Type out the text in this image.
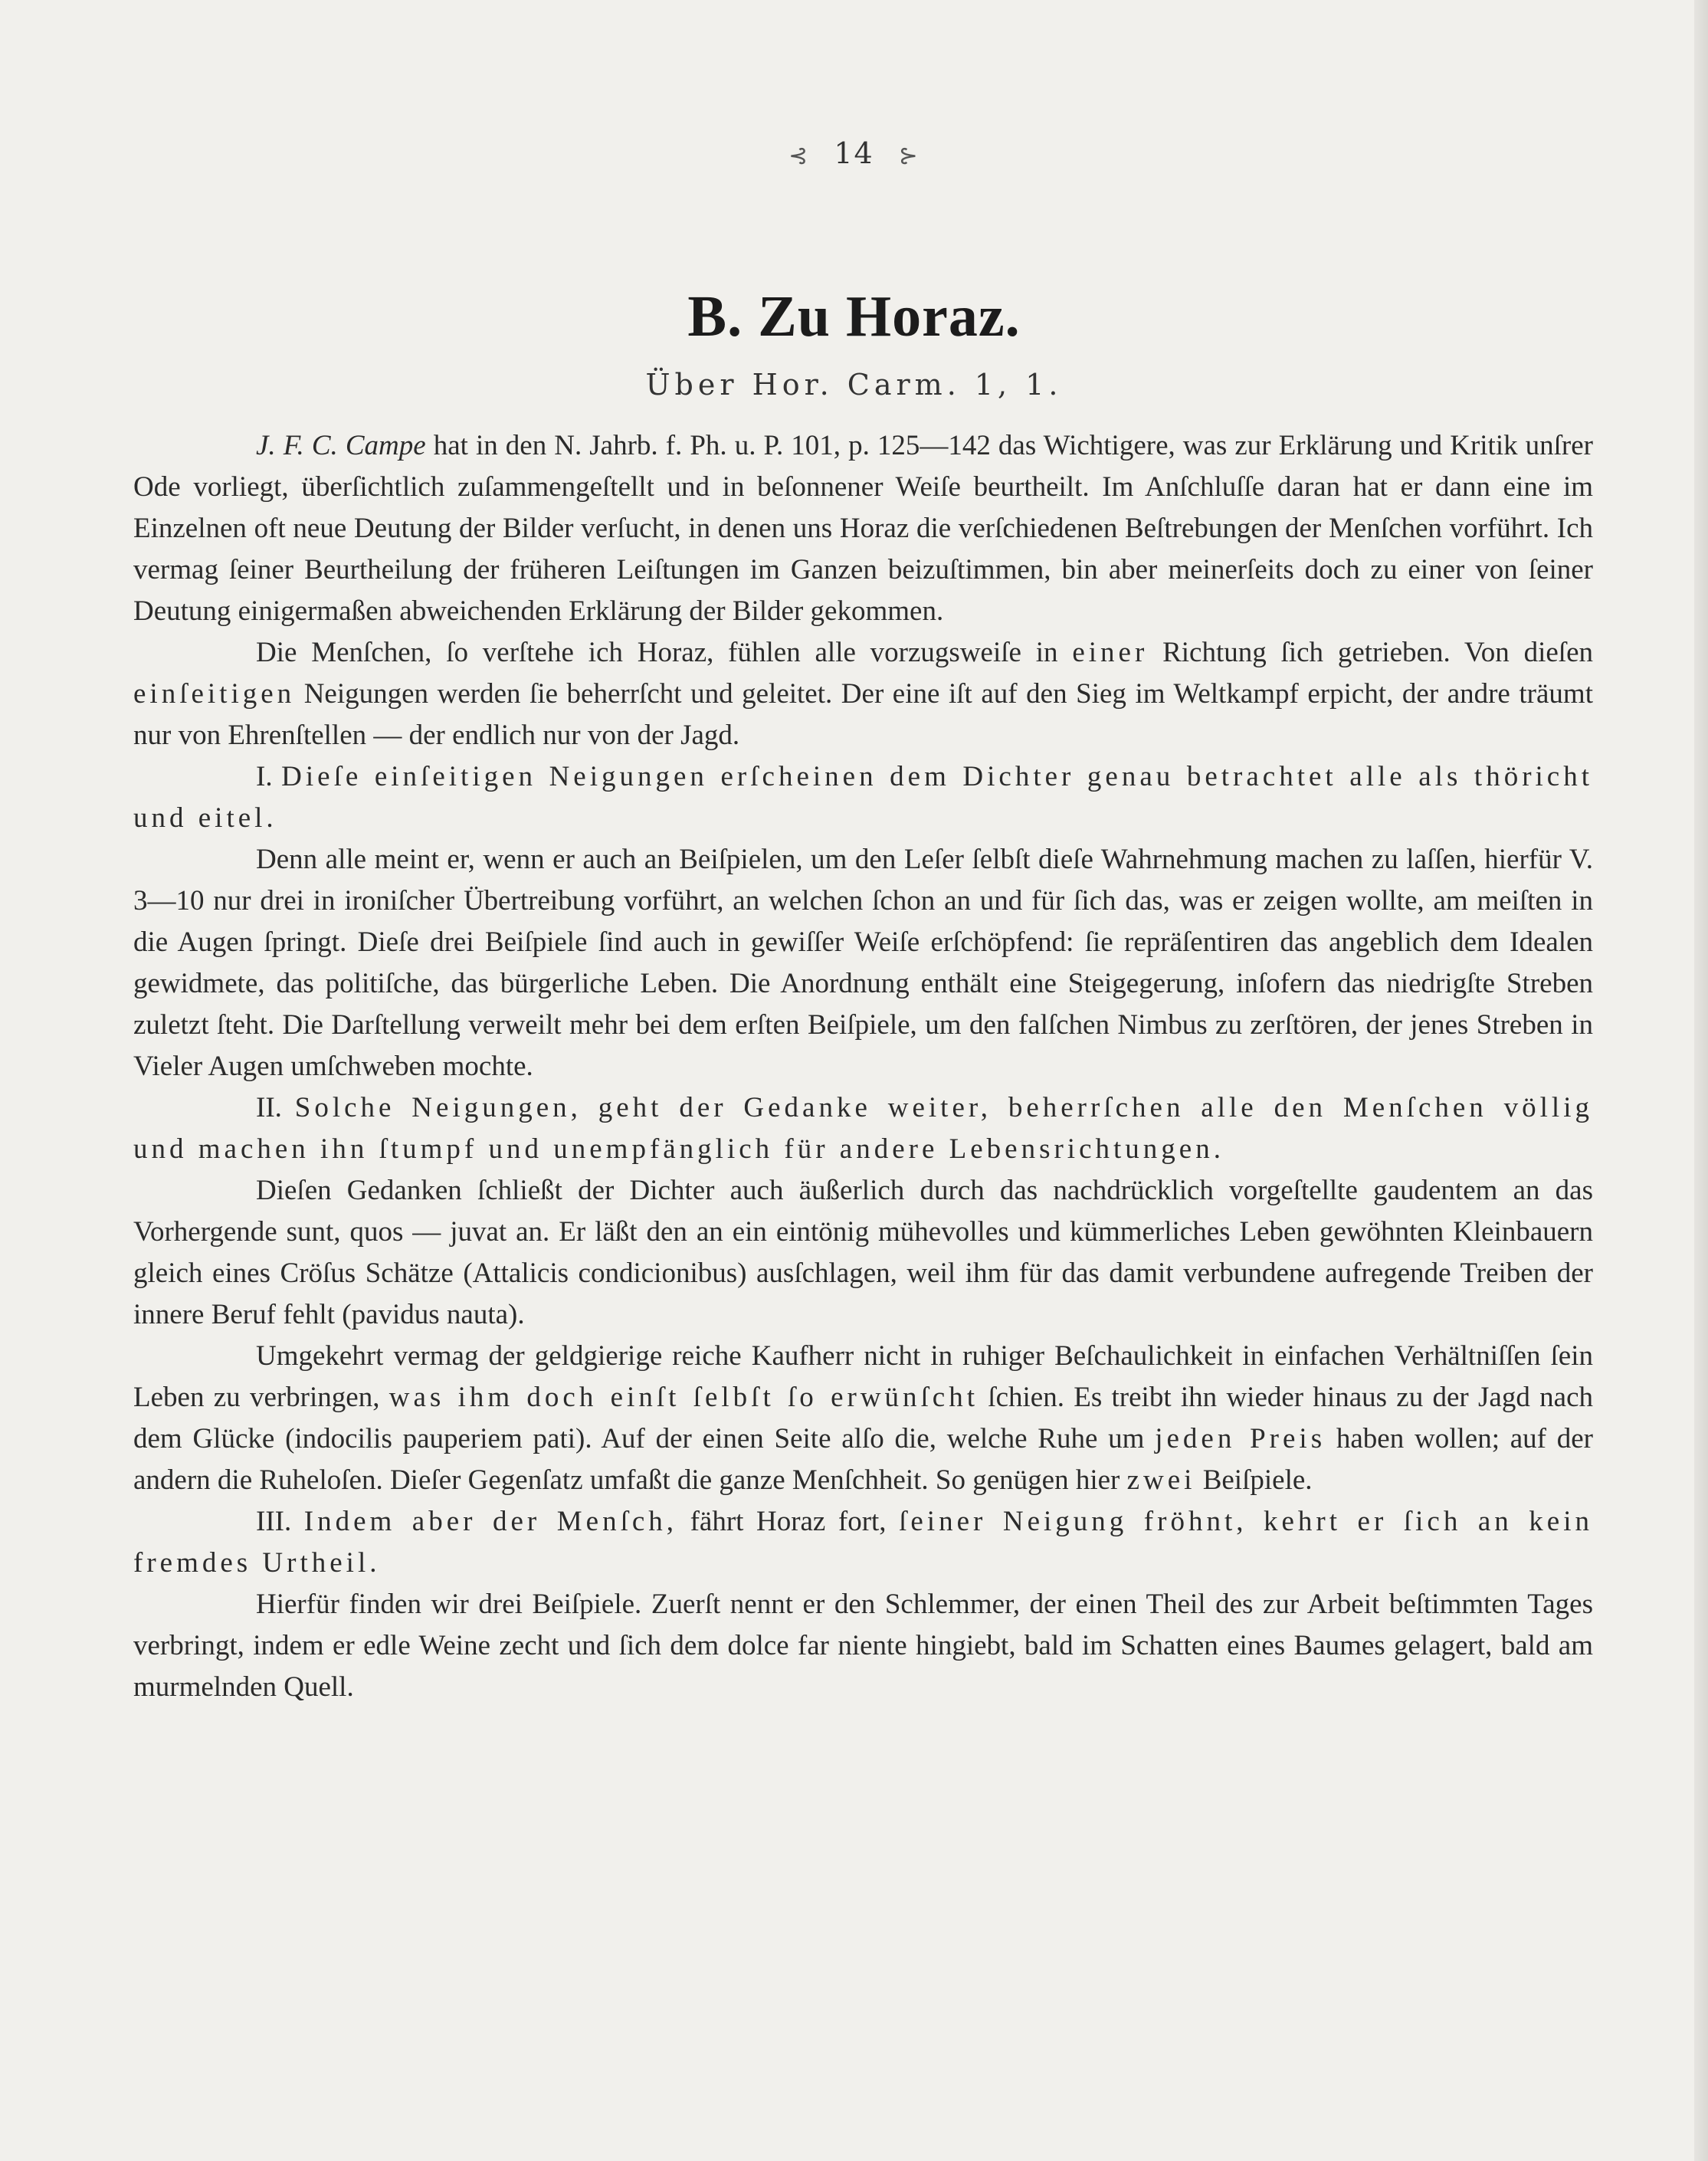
⊰ 14 ⊱
B. Zu Horaz.
Über Hor. Carm. 1, 1.

J. F. C. Campe hat in den N. Jahrb. f. Ph. u. P. 101, p. 125—142 das Wichtigere, was zur Erklärung und Kritik unſrer Ode vorliegt, überſichtlich zuſammengeſtellt und in beſonnener Weiſe beurtheilt. Im Anſchluſſe daran hat er dann eine im Einzelnen oft neue Deutung der Bilder verſucht, in denen uns Horaz die verſchiedenen Beſtrebungen der Menſchen vorführt. Ich vermag ſeiner Beurtheilung der früheren Leiſtungen im Ganzen beizuſtimmen, bin aber meinerſeits doch zu einer von ſeiner Deutung einigermaßen abweichenden Erklärung der Bilder gekommen.

Die Menſchen, ſo verſtehe ich Horaz, fühlen alle vorzugsweiſe in einer Richtung ſich getrieben. Von dieſen einſeitigen Neigungen werden ſie beherrſcht und geleitet. Der eine iſt auf den Sieg im Weltkampf erpicht, der andre träumt nur von Ehrenſtellen — der endlich nur von der Jagd.

I. Dieſe einſeitigen Neigungen erſcheinen dem Dichter genau betrachtet alle als thöricht und eitel.

Denn alle meint er, wenn er auch an Beiſpielen, um den Leſer ſelbſt dieſe Wahrnehmung machen zu laſſen, hierfür V. 3—10 nur drei in ironiſcher Übertreibung vorführt, an welchen ſchon an und für ſich das, was er zeigen wollte, am meiſten in die Augen ſpringt. Dieſe drei Beiſpiele ſind auch in gewiſſer Weiſe erſchöpfend: ſie repräſentiren das angeblich dem Idealen gewidmete, das politiſche, das bürgerliche Leben. Die Anordnung enthält eine Steigegerung, inſofern das niedrigſte Streben zuletzt ſteht. Die Darſtellung verweilt mehr bei dem erſten Beiſpiele, um den falſchen Nimbus zu zerſtören, der jenes Streben in Vieler Augen umſchweben mochte.

II. Solche Neigungen, geht der Gedanke weiter, beherrſchen alle den Menſchen völlig und machen ihn ſtumpf und unempfänglich für andere Lebensrichtungen.

Dieſen Gedanken ſchließt der Dichter auch äußerlich durch das nachdrücklich vorgeſtellte gaudentem an das Vorhergende sunt, quos — juvat an. Er läßt den an ein eintönig mühevolles und kümmerliches Leben gewöhnten Kleinbauern gleich eines Cröſus Schätze (Attalicis condicionibus) ausſchlagen, weil ihm für das damit verbundene aufregende Treiben der innere Beruf fehlt (pavidus nauta).

Umgekehrt vermag der geldgierige reiche Kaufherr nicht in ruhiger Beſchaulichkeit in einfachen Verhältniſſen ſein Leben zu verbringen, was ihm doch einſt ſelbſt ſo erwünſcht ſchien. Es treibt ihn wieder hinaus zu der Jagd nach dem Glücke (indocilis pauperiem pati). Auf der einen Seite alſo die, welche Ruhe um jeden Preis haben wollen; auf der andern die Ruheloſen. Dieſer Gegenſatz umfaßt die ganze Menſchheit. So genügen hier zwei Beiſpiele.

III. Indem aber der Menſch, fährt Horaz fort, ſeiner Neigung fröhnt, kehrt er ſich an kein fremdes Urtheil.

Hierfür finden wir drei Beiſpiele. Zuerſt nennt er den Schlemmer, der einen Theil des zur Arbeit beſtimmten Tages verbringt, indem er edle Weine zecht und ſich dem dolce far niente hingiebt, bald im Schatten eines Baumes gelagert, bald am murmelnden Quell.
